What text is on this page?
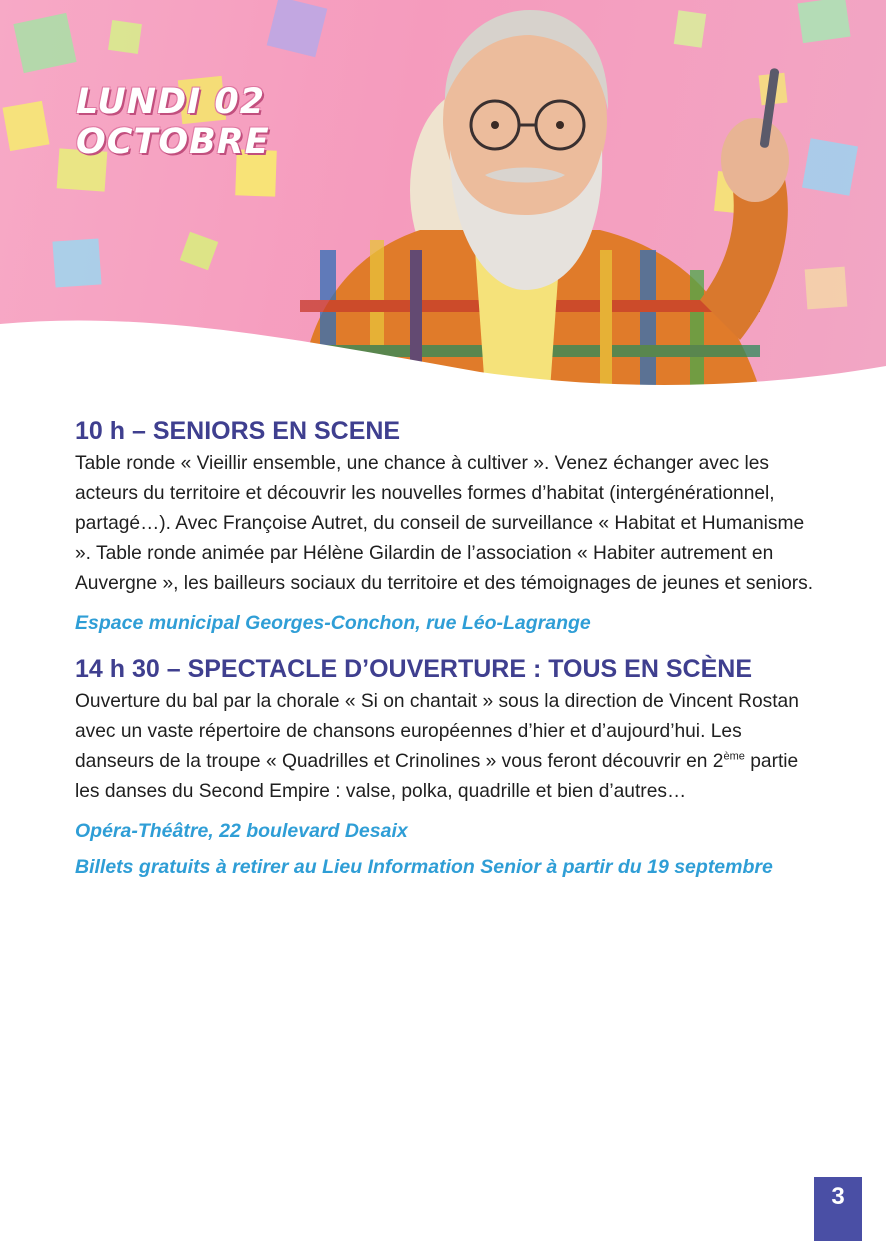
LUNDI 02
OCTOBRE
10 h – SENIORS EN SCENE

Table ronde « Vieillir ensemble, une chance à cultiver ». Venez échanger avec les acteurs du territoire et découvrir les nouvelles formes d’habitat (intergénérationnel, partagé…). Avec Françoise Autret, du conseil de surveillance « Habitat et Humanisme ». Table ronde animée par Hélène Gilardin de l’association « Habiter autrement en Auvergne », les bailleurs sociaux du territoire et des témoignages de jeunes et seniors.

Espace municipal Georges-Conchon, rue Léo-Lagrange

14 h 30 – SPECTACLE D’OUVERTURE : TOUS EN SCÈNE

Ouverture du bal par la chorale « Si on chantait » sous la direction de Vincent Rostan avec un vaste répertoire de chansons européennes d’hier et d’aujourd’hui. Les danseurs de la troupe « Quadrilles et Crinolines » vous feront découvrir en 2ème partie les danses du Second Empire : valse, polka, quadrille et bien d’autres…

Opéra-Théâtre, 22 boulevard Desaix

Billets gratuits à retirer au Lieu Information Senior à partir du 19 septembre

3
